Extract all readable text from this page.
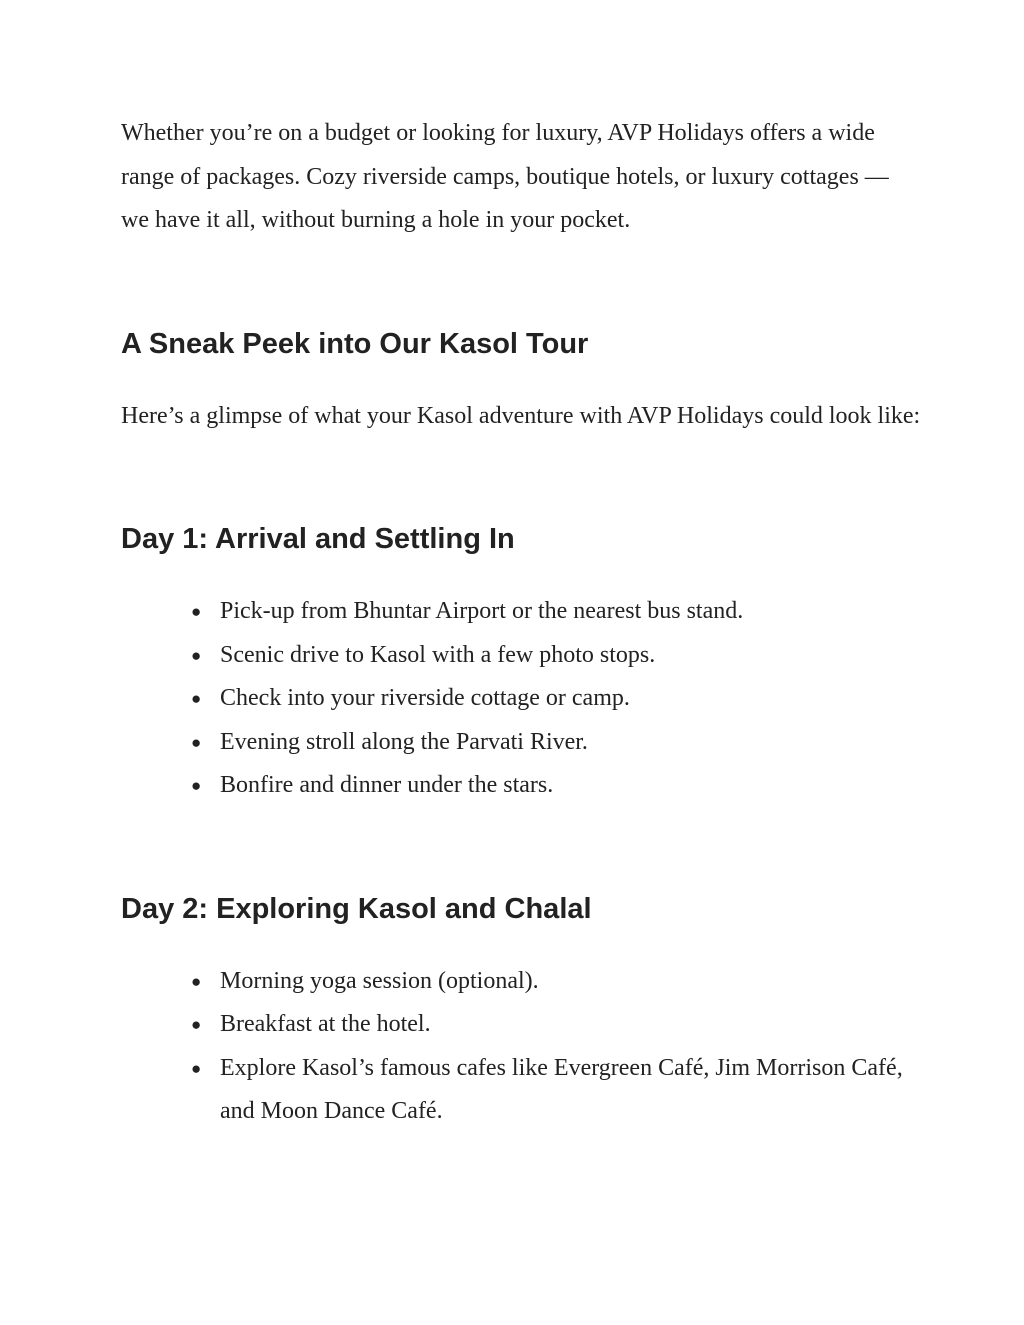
Whether you’re on a budget or looking for luxury, AVP Holidays offers a wide range of packages. Cozy riverside camps, boutique hotels, or luxury cottages — we have it all, without burning a hole in your pocket.

A Sneak Peek into Our Kasol Tour

Here’s a glimpse of what your Kasol adventure with AVP Holidays could look like:

Day 1: Arrival and Settling In
● Pick-up from Bhuntar Airport or the nearest bus stand.
● Scenic drive to Kasol with a few photo stops.
● Check into your riverside cottage or camp.
● Evening stroll along the Parvati River.
● Bonfire and dinner under the stars.
Day 2: Exploring Kasol and Chalal
● Morning yoga session (optional).
● Breakfast at the hotel.
● Explore Kasol’s famous cafes like Evergreen Café, Jim Morrison Café, and Moon Dance Café.
